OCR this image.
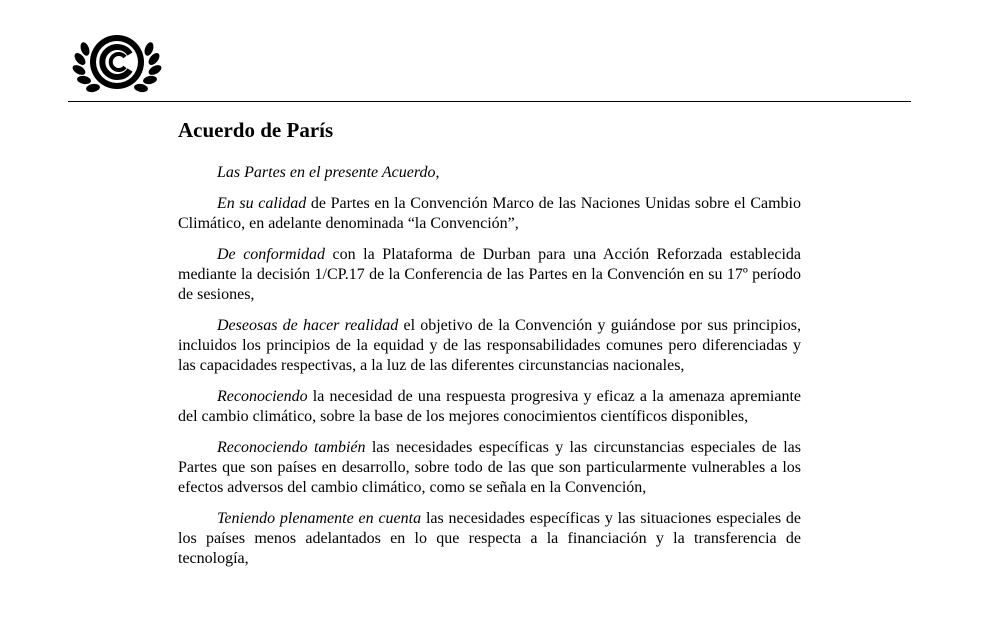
Acuerdo de París

Las Partes en el presente Acuerdo,

En su calidad de Partes en la Convención Marco de las Naciones Unidas sobre el Cambio Climático, en adelante denominada “la Convención”,

De conformidad con la Plataforma de Durban para una Acción Reforzada establecida mediante la decisión 1/CP.17 de la Conferencia de las Partes en la Convención en su 17º período de sesiones,

Deseosas de hacer realidad el objetivo de la Convención y guiándose por sus principios, incluidos los principios de la equidad y de las responsabilidades comunes pero diferenciadas y las capacidades respectivas, a la luz de las diferentes circunstancias nacionales,

Reconociendo la necesidad de una respuesta progresiva y eficaz a la amenaza apremiante del cambio climático, sobre la base de los mejores conocimientos científicos disponibles,

Reconociendo también las necesidades específicas y las circunstancias especiales de las Partes que son países en desarrollo, sobre todo de las que son particularmente vulnerables a los efectos adversos del cambio climático, como se señala en la Convención,

Teniendo plenamente en cuenta las necesidades específicas y las situaciones especiales de los países menos adelantados en lo que respecta a la financiación y la transferencia de tecnología,
